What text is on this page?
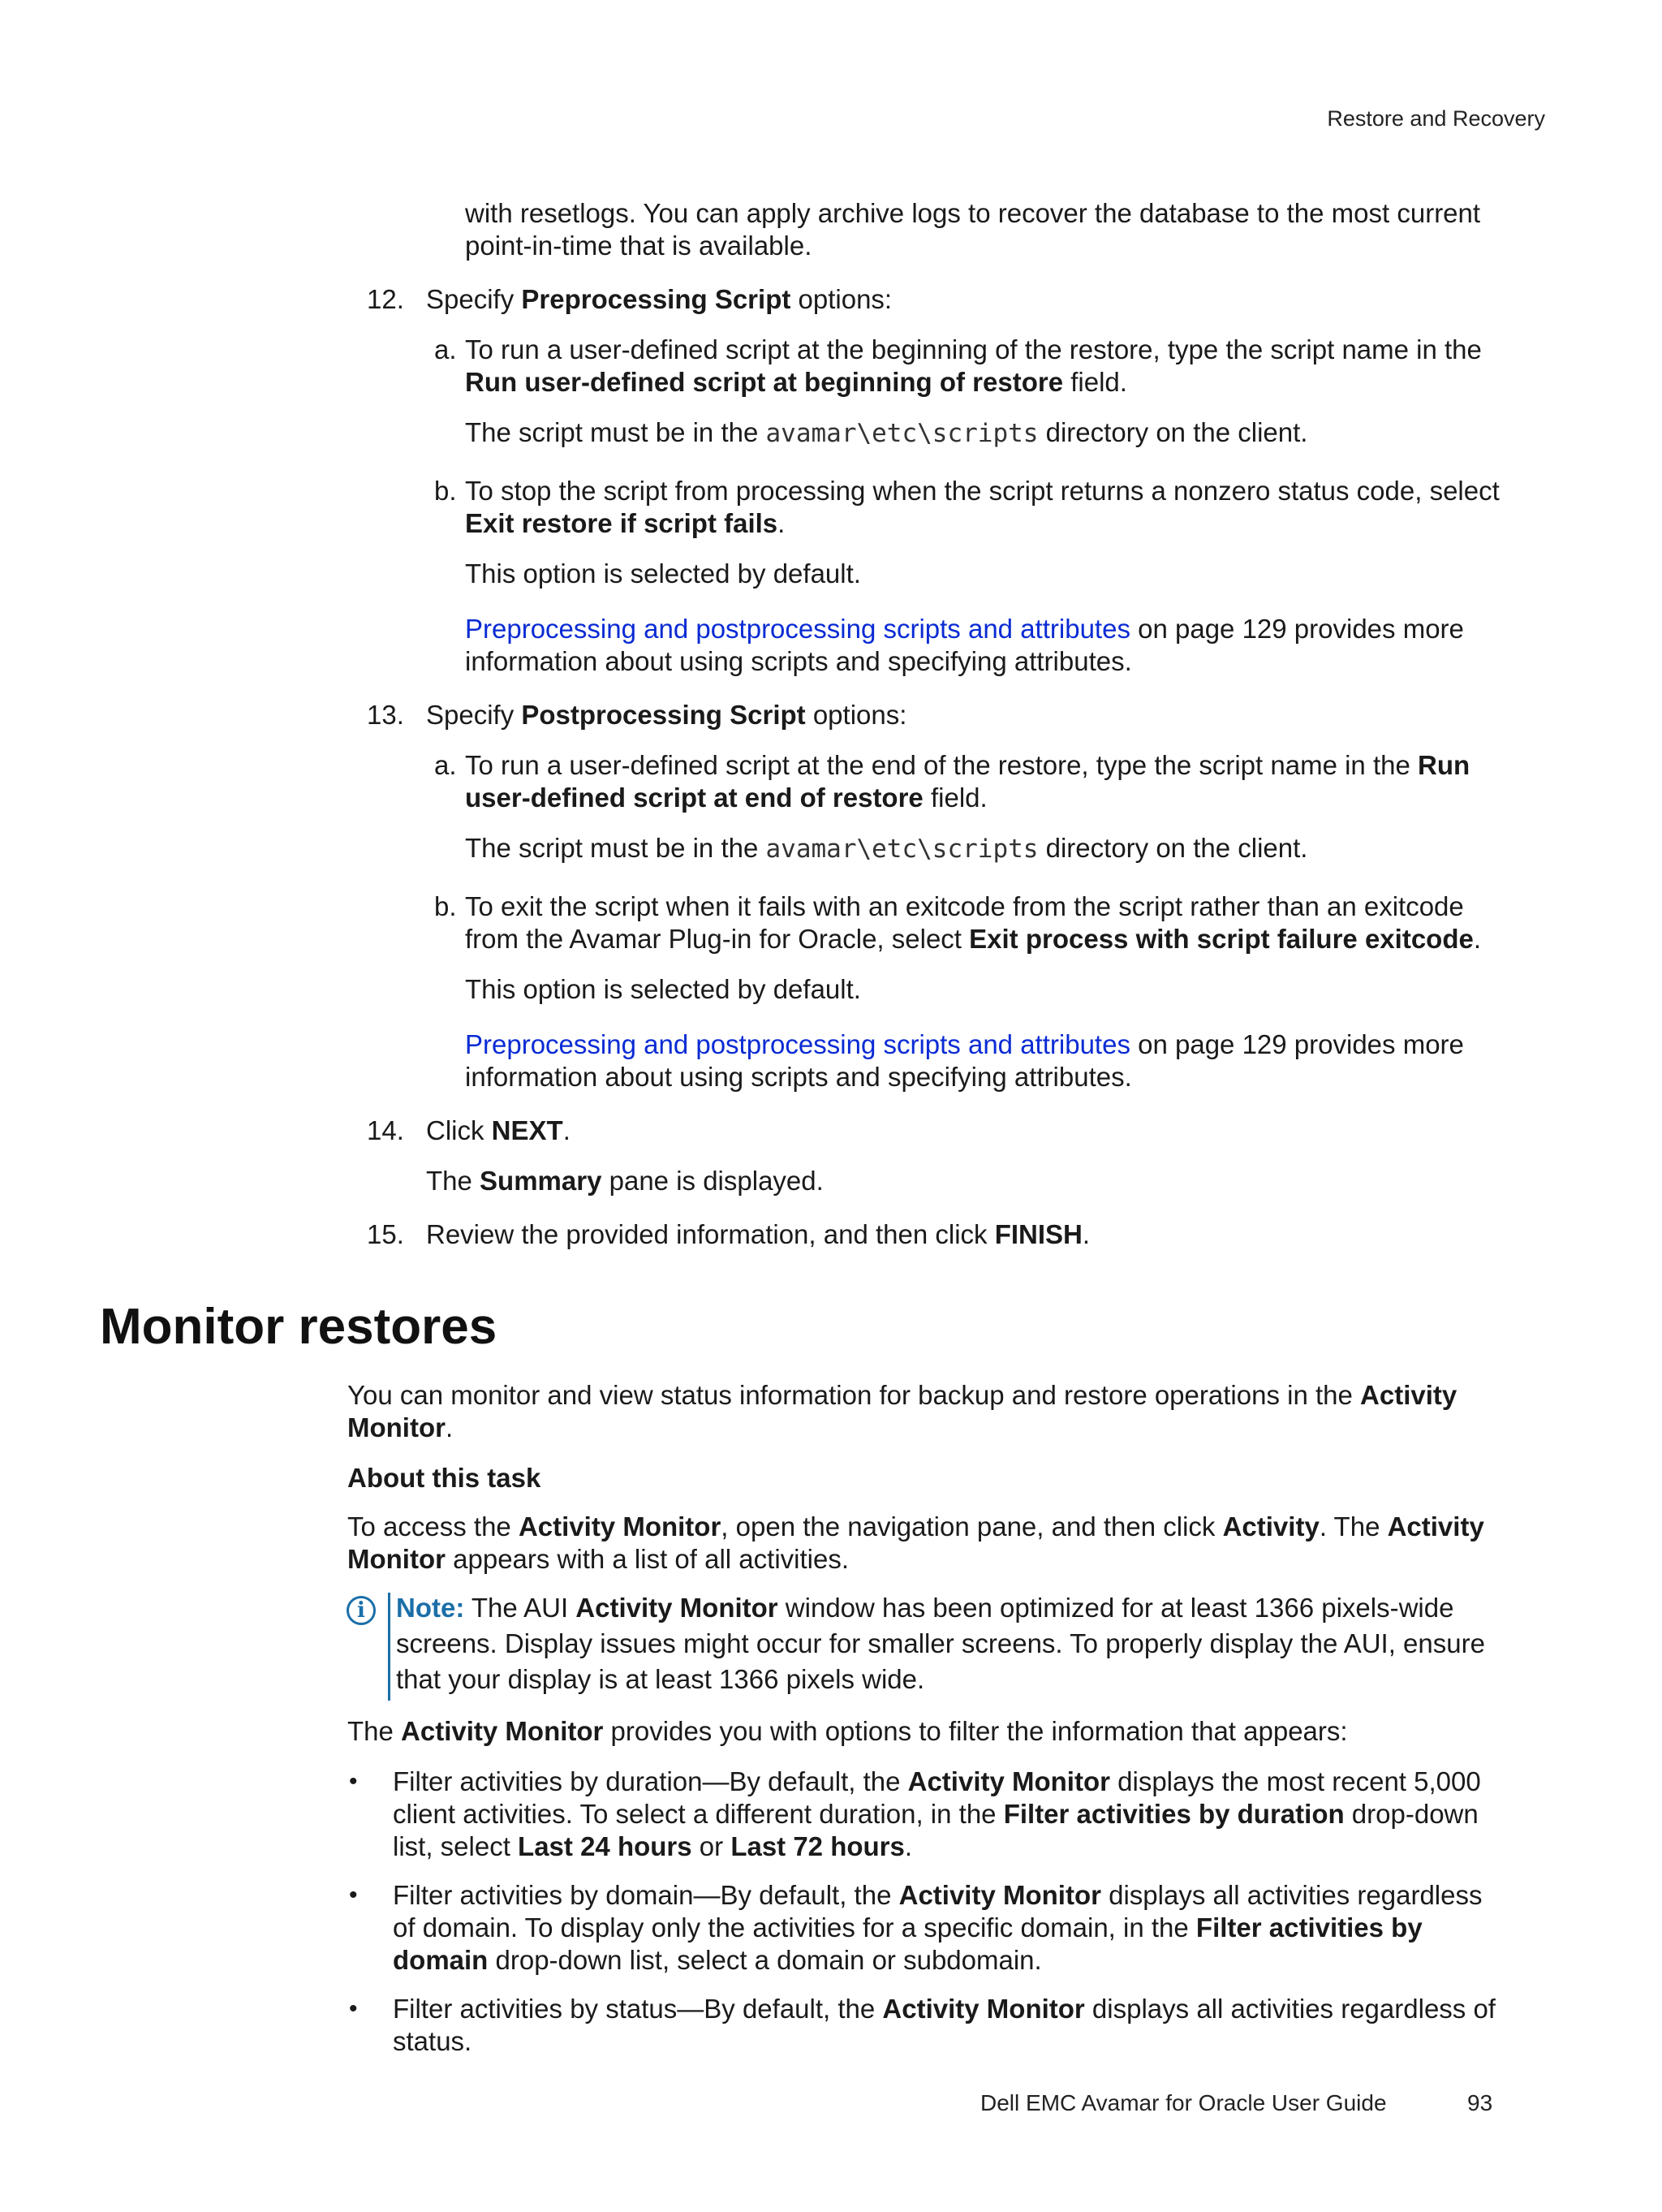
Restore and Recovery
with resetlogs. You can apply archive logs to recover the database to the most current
point-in-time that is available.
12. Specify Preprocessing Script options:
a. To run a user-defined script at the beginning of the restore, type the script name in the
Run user-defined script at beginning of restore field.
The script must be in the avamar\etc\scripts directory on the client.
b. To stop the script from processing when the script returns a nonzero status code, select
Exit restore if script fails.
This option is selected by default.
Preprocessing and postprocessing scripts and attributes on page 129 provides more
information about using scripts and specifying attributes.
13. Specify Postprocessing Script options:
a. To run a user-defined script at the end of the restore, type the script name in the Run
user-defined script at end of restore field.
The script must be in the avamar\etc\scripts directory on the client.
b. To exit the script when it fails with an exitcode from the script rather than an exitcode
from the Avamar Plug-in for Oracle, select Exit process with script failure exitcode.
This option is selected by default.
Preprocessing and postprocessing scripts and attributes on page 129 provides more
information about using scripts and specifying attributes.
14. Click NEXT.
The Summary pane is displayed.
15. Review the provided information, and then click FINISH.
Monitor restores
You can monitor and view status information for backup and restore operations in the Activity
Monitor.
About this task
To access the Activity Monitor, open the navigation pane, and then click Activity. The Activity
Monitor appears with a list of all activities.
i	Note: The AUI Activity Monitor window has been optimized for at least 1366 pixels-wide
screens. Display issues might occur for smaller screens. To properly display the AUI, ensure
that your display is at least 1366 pixels wide.
The Activity Monitor provides you with options to filter the information that appears:
• Filter activities by duration—By default, the Activity Monitor displays the most recent 5,000
client activities. To select a different duration, in the Filter activities by duration drop-down
list, select Last 24 hours or Last 72 hours.
• Filter activities by domain—By default, the Activity Monitor displays all activities regardless
of domain. To display only the activities for a specific domain, in the Filter activities by
domain drop-down list, select a domain or subdomain.
• Filter activities by status—By default, the Activity Monitor displays all activities regardless of
status.
Dell EMC Avamar for Oracle User Guide	93
